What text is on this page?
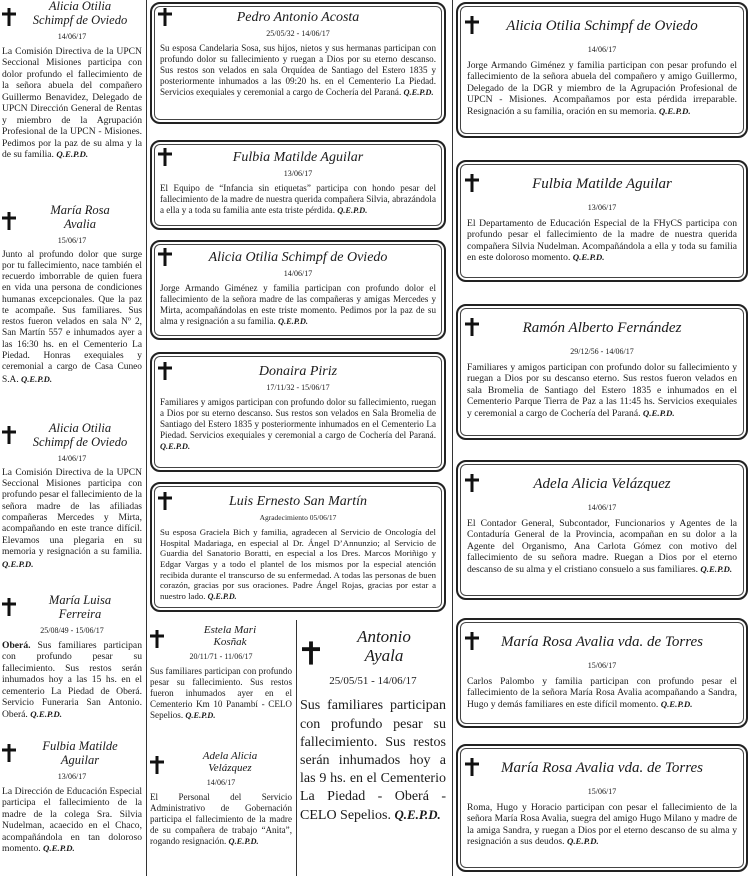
Alicia Otilia
Schimpf de Oviedo
14/06/17
La Comisión Directiva de la UPCN Seccional Misiones participa con dolor profundo el fallecimiento de la señora abuela del compañero Guillermo Benavidez, Delegado de UPCN Dirección General de Rentas y miembro de la Agrupación Profesional de la UPCN - Misiones. Pedimos por la paz de su alma y la de su familia. Q.E.P.D.
María Rosa
Avalia
15/06/17
Junto al profundo dolor que surge por tu fallecimiento, nace también el recuerdo imborrable de quien fuera en vida una persona de condiciones humanas excepcionales. Que la paz te acompañe. Sus familiares. Sus restos fueron velados en sala Nº 2, San Martín 557 e inhumados ayer a las 16:30 hs. en el Cementerio La Piedad. Honras exequiales y ceremonial a cargo de Casa Cuneo S.A. Q.E.P.D.
Alicia Otilia
Schimpf de Oviedo
14/06/17
La Comisión Directiva de la UPCN Seccional Misiones participa con profundo pesar el fallecimiento de la señora madre de las afiliadas compañeras Mercedes y Mirta, acompañando en este trance difícil. Elevamos una plegaria en su memoria y resignación a su familia. Q.E.P.D.
María Luisa
Ferreira
25/08/49 - 15/06/17
Oberá. Sus familiares participan con profundo pesar su fallecimiento. Sus restos serán inhumados hoy a las 15 hs. en el cementerio La Piedad de Oberá. Servicio Funeraria San Antonio. Oberá. Q.E.P.D.
Fulbia Matilde
Aguilar
13/06/17
La Dirección de Educación Especial participa el fallecimiento de la madre de la colega Sra. Silvia Nudelman, acaecido en el Chaco, acompañándola en tan doloroso momento. Q.E.P.D.
Pedro Antonio Acosta
25/05/32 - 14/06/17
Su esposa Candelaria Sosa, sus hijos, nietos y sus hermanas participan con profundo dolor su fallecimiento y ruegan a Dios por su eterno descanso. Sus restos son velados en sala Orquídea de Santiago del Estero 1835 y posteriormente inhumados a las 09:20 hs. en el Cementerio La Piedad. Servicios exequiales y ceremonial a cargo de Cochería del Paraná. Q.E.P.D.
Fulbia Matilde Aguilar
13/06/17
El Equipo de “Infancia sin etiquetas” participa con hondo pesar del fallecimiento de la madre de nuestra querida compañera Silvia, abrazándola a ella y a toda su familia ante esta triste pérdida. Q.E.P.D.
Alicia Otilia Schimpf de Oviedo
14/06/17
Jorge Armando Giménez y familia participan con profundo dolor el fallecimiento de la señora madre de las compañeras y amigas Mercedes y Mirta, acompañándolas en este triste momento. Pedimos por la paz de su alma y resignación a su familia. Q.E.P.D.
Donaira Piriz
17/11/32 - 15/06/17
Familiares y amigos participan con profundo dolor su fallecimiento, ruegan a Dios por su eterno descanso. Sus restos son velados en Sala Bromelia de Santiago del Estero 1835 y posteriormente inhumados en el Cementerio La Piedad. Servicios exequiales y ceremonial a cargo de Cochería del Paraná. Q.E.P.D.
Luis Ernesto San Martín
Agradecimiento 05/06/17
Su esposa Graciela Bich y familia, agradecen al Servicio de Oncología del Hospital Madariaga, en especial al Dr. Ángel D’Annunzio; al Servicio de Guardia del Sanatorio Boratti, en especial a los Dres. Marcos Moriñigo y Edgar Vargas y a todo el plantel de los mismos por la especial atención recibida durante el transcurso de su enfermedad. A todas las personas de buen corazón, gracias por sus oraciones. Padre Ángel Rojas, gracias por estar a nuestro lado. Q.E.P.D.
Estela Mari
Kosñak
20/11/71 - 11/06/17
Sus familiares participan con profundo pesar su fallecimiento. Sus restos fueron inhumados ayer en el Cementerio Km 10 Panambí - CELO Sepelios. Q.E.P.D.
Adela Alicia
Velázquez
14/06/17
El Personal del Servicio Administrativo de Gobernación participa el fallecimiento de la madre de su compañera de trabajo “Anita”, rogando resignación. Q.E.P.D.
Antonio
Ayala
25/05/51 - 14/06/17
Sus familiares participan con profundo pesar su fallecimiento. Sus restos serán inhumados hoy a las 9 hs. en el Cementerio La Piedad - Oberá - CELO Sepelios. Q.E.P.D.
Alicia Otilia Schimpf de Oviedo
14/06/17
Jorge Armando Giménez y familia participan con pesar profundo el fallecimiento de la señora abuela del compañero y amigo Guillermo, Delegado de la DGR y miembro de la Agrupación Profesional de UPCN - Misiones. Acompañamos por esta pérdida irreparable. Resignación a su familia, oración en su memoria. Q.E.P.D.
Fulbia Matilde Aguilar
13/06/17
El Departamento de Educación Especial de la FHyCS participa con profundo pesar el fallecimiento de la madre de nuestra querida compañera Silvia Nudelman. Acompañándola a ella y toda su familia en este doloroso momento. Q.E.P.D.
Ramón Alberto Fernández
29/12/56 - 14/06/17
Familiares y amigos participan con profundo dolor su fallecimiento y ruegan a Dios por su descanso eterno. Sus restos fueron velados en sala Bromelia de Santiago del Estero 1835 e inhumados en el Cementerio Parque Tierra de Paz a las 11:45 hs. Servicios exequiales y ceremonial a cargo de Cochería del Paraná. Q.E.P.D.
Adela Alicia Velázquez
14/06/17
El Contador General, Subcontador, Funcionarios y Agentes de la Contaduría General de la Provincia, acompañan en su dolor a la Agente del Organismo, Ana Carlota Gómez con motivo del fallecimiento de su señora madre. Ruegan a Dios por el eterno descanso de su alma y el cristiano consuelo a sus familiares. Q.E.P.D.
María Rosa Avalia vda. de Torres
15/06/17
Carlos Palombo y familia participan con profundo pesar el fallecimiento de la señora María Rosa Avalia acompañando a Sandra, Hugo y demás familiares en este difícil momento. Q.E.P.D.
María Rosa Avalia vda. de Torres
15/06/17
Roma, Hugo y Horacio participan con pesar el fallecimiento de la señora María Rosa Avalia, suegra del amigo Hugo Milano y madre de la amiga Sandra, y ruegan a Dios por el eterno descanso de su alma y resignación a sus deudos. Q.E.P.D.
